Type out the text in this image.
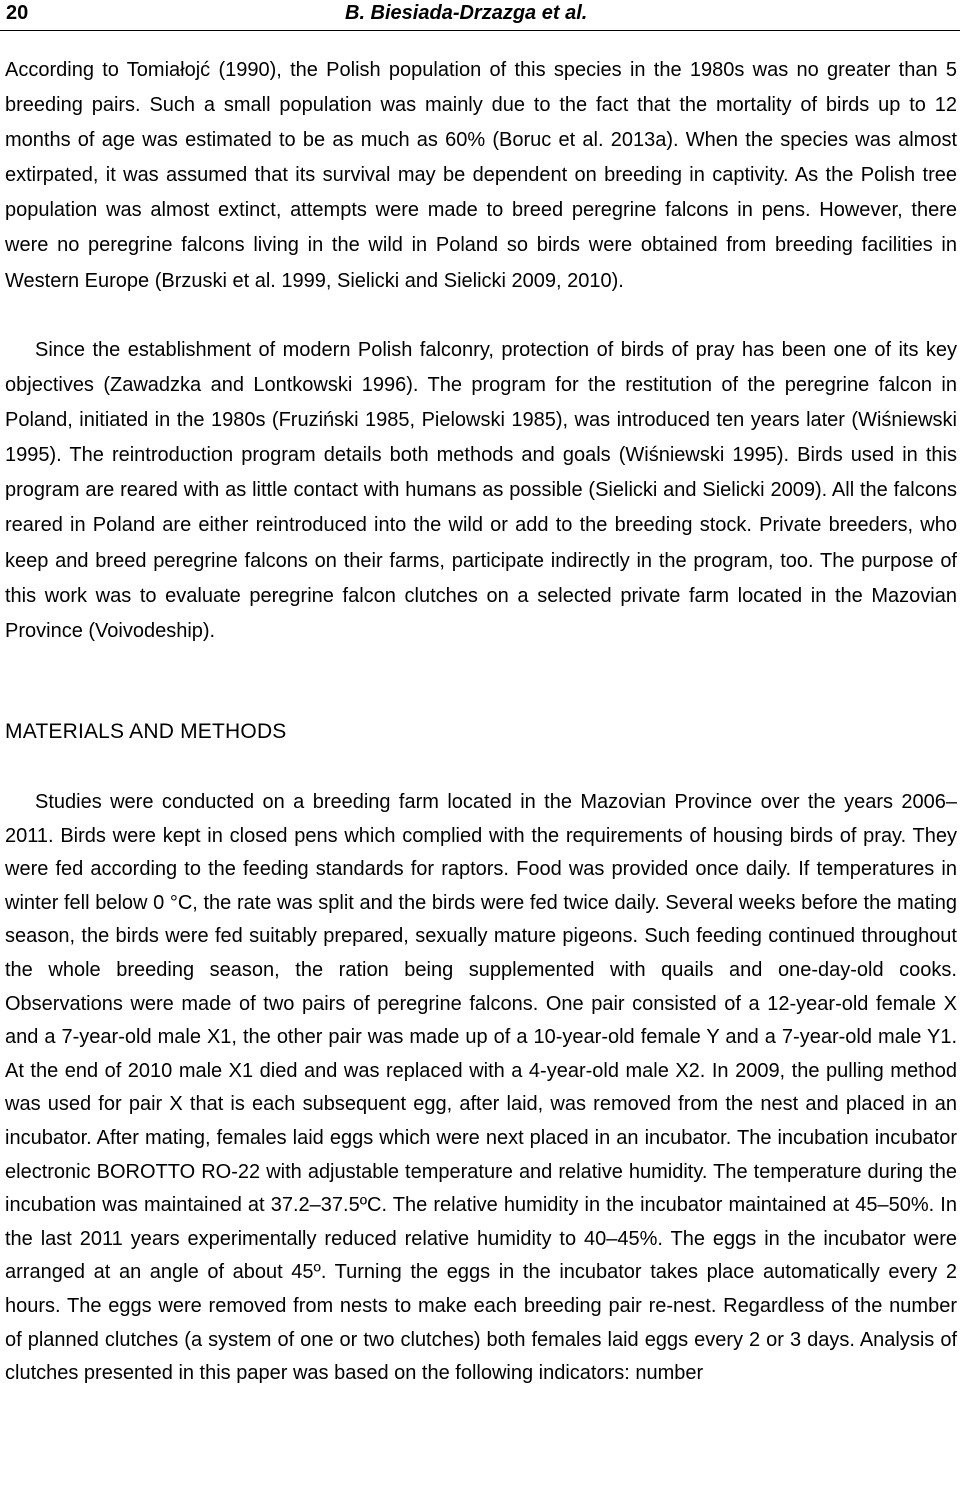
20	B. Biesiada-Drzazga et al.

According to Tomiałojć (1990), the Polish population of this species in the 1980s was no greater than 5 breeding pairs. Such a small population was mainly due to the fact that the mortality of birds up to 12 months of age was estimated to be as much as 60% (Boruc et al. 2013a). When the species was almost extirpated, it was assumed that its survival may be dependent on breeding in captivity. As the Polish tree population was almost extinct, attempts were made to breed peregrine falcons in pens. However, there were no peregrine falcons living in the wild in Poland so birds were obtained from breeding facilities in Western Europe (Brzuski et al. 1999, Sielicki and Sielicki 2009, 2010).

Since the establishment of modern Polish falconry, protection of birds of pray has been one of its key objectives (Zawadzka and Lontkowski 1996). The program for the restitution of the peregrine falcon in Poland, initiated in the 1980s (Fruziński 1985, Pielowski 1985), was introduced ten years later (Wiśniewski 1995). The reintroduction program details both methods and goals (Wiśniewski 1995). Birds used in this program are reared with as little contact with humans as possible (Sielicki and Sielicki 2009). All the falcons reared in Poland are either reintroduced into the wild or add to the breeding stock. Private breeders, who keep and breed peregrine falcons on their farms, participate indirectly in the program, too. The purpose of this work was to evaluate peregrine falcon clutches on a selected private farm located in the Mazovian Province (Voivodeship).

MATERIALS AND METHODS

Studies were conducted on a breeding farm located in the Mazovian Province over the years 2006–2011. Birds were kept in closed pens which complied with the requirements of housing birds of pray. They were fed according to the feeding standards for raptors. Food was provided once daily. If temperatures in winter fell below 0 °C, the rate was split and the birds were fed twice daily. Several weeks before the mating season, the birds were fed suitably prepared, sexually mature pigeons. Such feeding continued throughout the whole breeding season, the ration being supplemented with quails and one-day-old cooks. Observations were made of two pairs of peregrine falcons. One pair consisted of a 12-year-old female X and a 7-year-old male X1, the other pair was made up of a 10-year-old female Y and a 7-year-old male Y1. At the end of 2010 male X1 died and was replaced with a 4-year-old male X2. In 2009, the pulling method was used for pair X that is each subsequent egg, after laid, was removed from the nest and placed in an incubator. After mating, females laid eggs which were next placed in an incubator. The incubation incubator electronic BOROTTO RO-22 with adjustable temperature and relative humidity. The temperature during the incubation was maintained at 37.2–37.5ºC. The relative humidity in the incubator maintained at 45–50%. In the last 2011 years experimentally reduced relative humidity to 40–45%. The eggs in the incubator were arranged at an angle of about 45º. Turning the eggs in the incubator takes place automatically every 2 hours. The eggs were removed from nests to make each breeding pair re-nest. Regardless of the number of planned clutches (a system of one or two clutches) both females laid eggs every 2 or 3 days. Analysis of clutches presented in this paper was based on the following indicators: number
